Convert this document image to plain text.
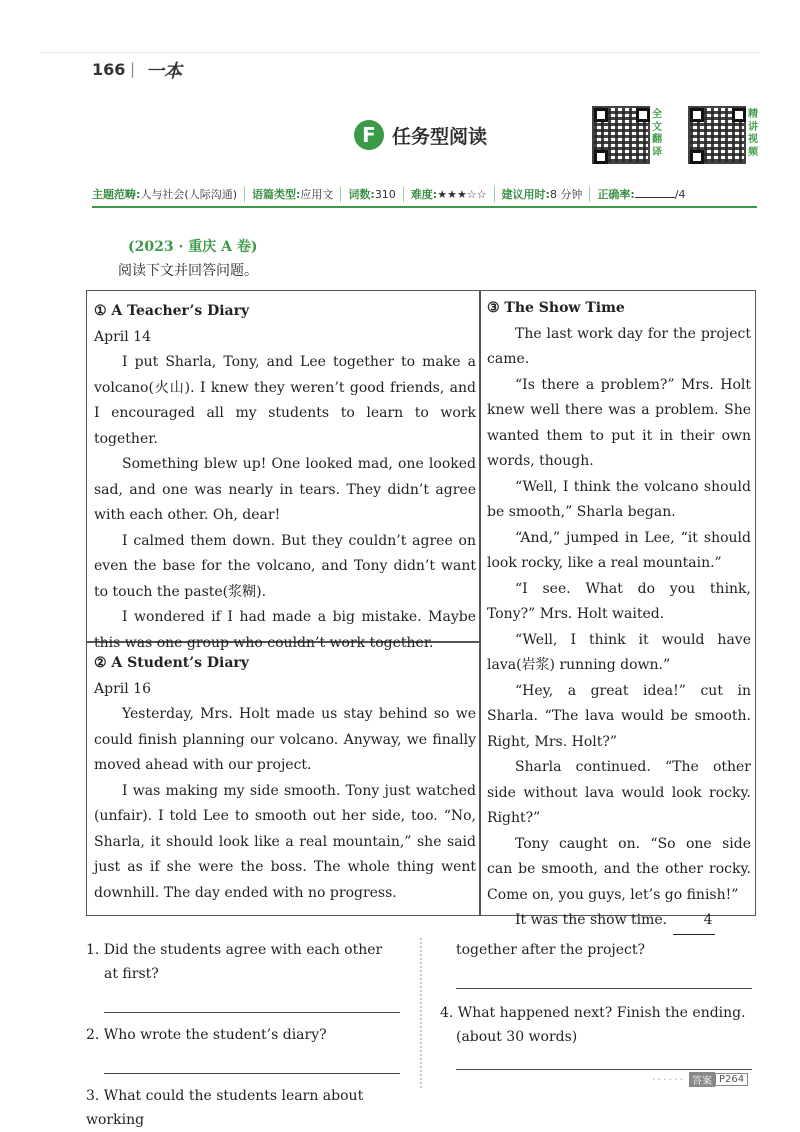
166 | 一本
F 任务型阅读
全文翻译
精讲视频
主题范畴:人与社会(人际沟通)	语篇类型:应用文	词数:310	难度:★★★☆☆	建议用时:8 分钟	正确率:	/4
(2023 · 重庆 A 卷)
阅读下文并回答问题。

① A Teacher’s Diary

April 14

I put Sharla, Tony, and Lee together to make a volcano(火山). I knew they weren’t good friends, and I encouraged all my students to learn to work together.

Something blew up! One looked mad, one looked sad, and one was nearly in tears. They didn’t agree with each other. Oh, dear!

I calmed them down. But they couldn’t agree on even the base for the volcano, and Tony didn’t want to touch the paste(浆糊).

I wondered if I had made a big mistake. Maybe this was one group who couldn’t work together.

② A Student’s Diary

April 16

Yesterday, Mrs. Holt made us stay behind so we could finish planning our volcano. Anyway, we finally moved ahead with our project.

I was making my side smooth. Tony just watched (unfair). I told Lee to smooth out her side, too. “No, Sharla, it should look like a real mountain,” she said just as if she were the boss. The whole thing went downhill. The day ended with no progress.

③ The Show Time

The last work day for the project came.

“Is there a problem?” Mrs. Holt knew well there was a problem. She wanted them to put it in their own words, though.

“Well, I think the volcano should be smooth,” Sharla began.

“And,” jumped in Lee, “it should look rocky, like a real mountain.”

“I see. What do you think, Tony?” Mrs. Holt waited.

“Well, I think it would have lava(岩浆) running down.”

“Hey, a great idea!” cut in Sharla. “The lava would be smooth. Right, Mrs. Holt?”

Sharla continued. “The other side without lava would look rocky. Right?”

Tony caught on. “So one side can be smooth, and the other rocky. Come on, you guys, let’s go finish!”

It was the show time.	4

1. Did the students agree with each other at first?

2. Who wrote the student’s diary?

3. What could the students learn about working

together after the project?

4. What happened next? Finish the ending. (about 30 words)

······ 答案 P264
